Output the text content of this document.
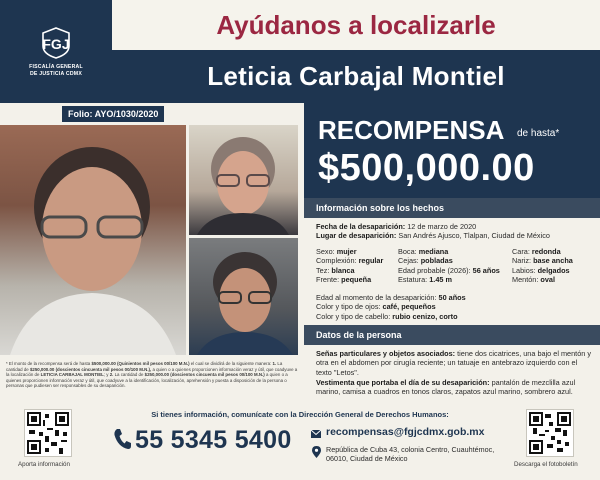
FGJ
FISCALÍA GENERAL
DE JUSTICIA CDMX
Ayúdanos a localizarle
Leticia Carbajal Montiel
Folio: AYO/1030/2020
RECOMPENSA de hasta*
$500,000.00
Información sobre los hechos
Fecha de la desaparición: 12 de marzo de 2020
Lugar de desaparición: San Andrés Ajusco, Tlalpan, Ciudad de México
Sexo: mujer
Complexión: regular
Tez: blanca
Frente: pequeña
Boca: mediana
Cejas: pobladas
Edad probable (2026): 56 años
Estatura: 1.45 m
Cara: redonda
Nariz: base ancha
Labios: delgados
Mentón: oval
Edad al momento de la desaparición: 50 años
Color y tipo de ojos: café, pequeños
Color y tipo de cabello: rubio cenizo, corto
Datos de la persona
Señas particulares y objetos asociados: tiene dos cicatrices, una bajo el mentón y otra en el abdomen por cirugía reciente; un tatuaje en antebrazo izquierdo con el texto "Letos".
Vestimenta que portaba el día de su desaparición: pantalón de mezclilla azul marino, camisa a cuadros en tonos claros, zapatos azul marino, sombrero azul.
* El monto de la recompensa será de hasta $500,000.00 (Quinientos mil pesos 00/100 M.N.) el cual se dividirá de la siguiente manera: 1. La cantidad de $250,000.00 (doscientos cincuenta mil pesos 00/100 M.N.), a quien o a quienes proporcionen información veraz y útil, que coadyuve a la localización de LETICIA CARBAJAL MONTIEL; y 2. La cantidad de $250,000.00 (doscientos cincuenta mil pesos 00/100 M.N.) a quien o a quienes proporcionen información veraz y útil, que coadyuve a la identificación, localización, aprehensión y puesta a disposición de la persona o personas que pudiesen ser responsables de su desaparición.
Si tienes información, comunícate con la Dirección General de Derechos Humanos:
Aporta información
55 5345 5400	recompensas@fgjcdmx.gob.mx
República de Cuba 43, colonia Centro, Cuauhtémoc, 06010, Ciudad de México
Descarga el fotoboletín
